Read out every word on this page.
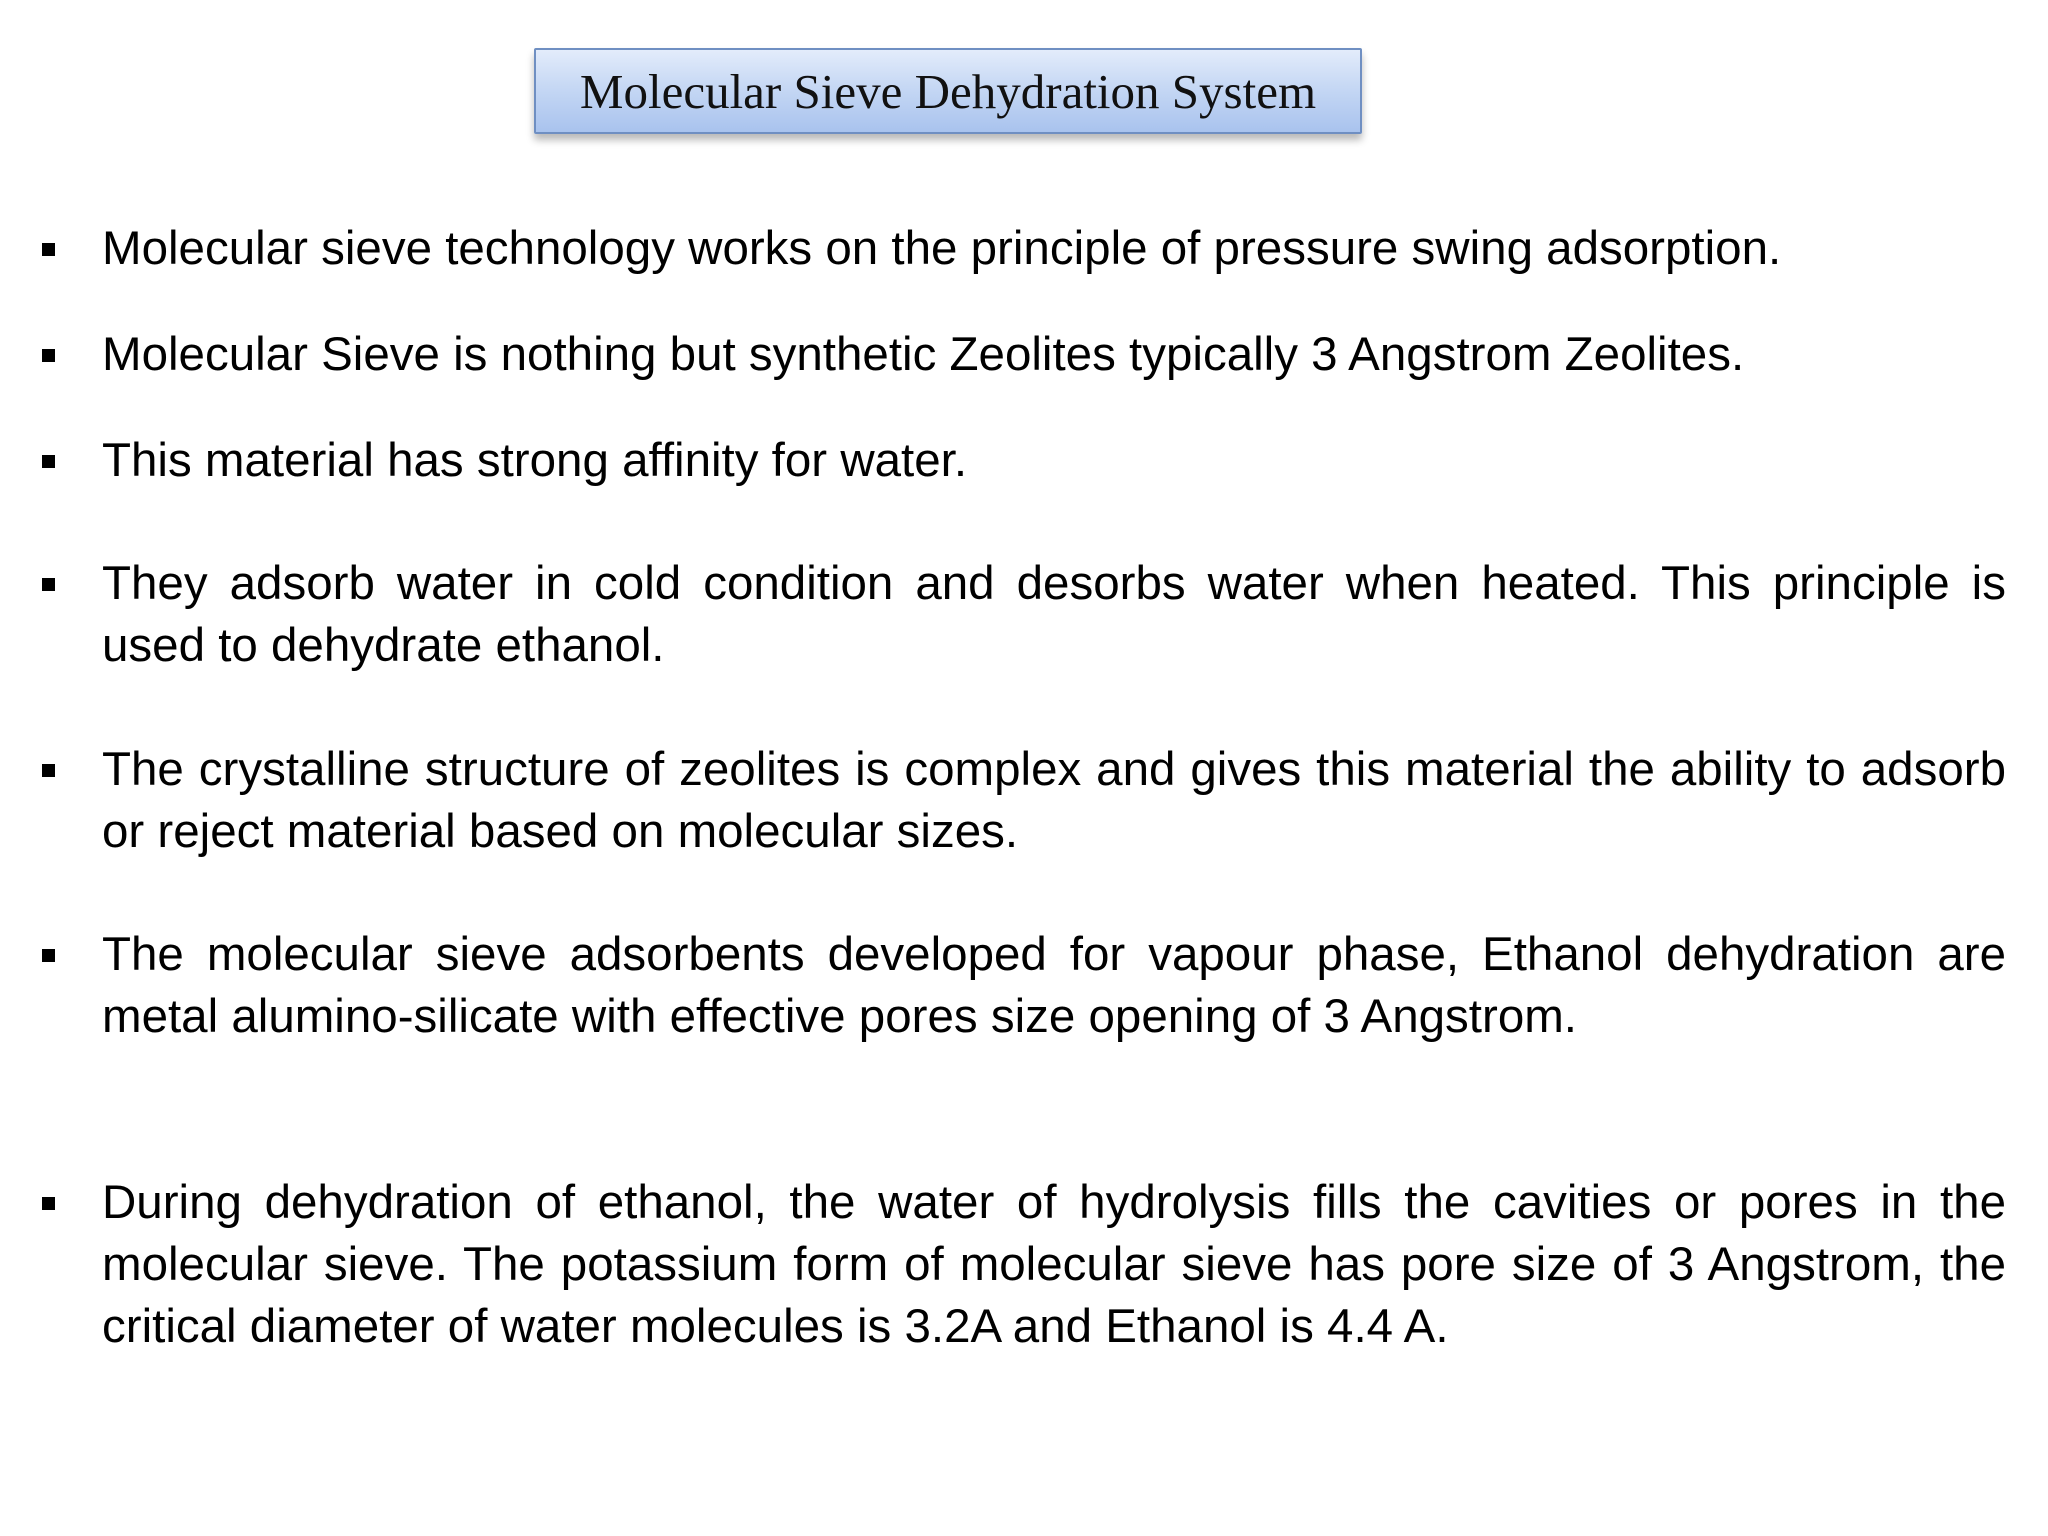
Molecular Sieve Dehydration System

Molecular sieve technology works on the principle of pressure swing adsorption.

Molecular Sieve is nothing but synthetic Zeolites typically 3 Angstrom Zeolites.

This material has strong affinity for water.

They adsorb water in cold condition and desorbs water when heated. This principle is used to dehydrate ethanol.

The crystalline structure of zeolites is complex and gives this material the ability to adsorb or reject material based on molecular sizes.

The molecular sieve adsorbents developed for vapour phase, Ethanol dehydration are metal alumino-silicate with effective pores size opening of 3 Angstrom.

During dehydration of ethanol, the water of hydrolysis fills the cavities or pores in the molecular sieve. The potassium form of molecular sieve has pore size of 3 Angstrom, the critical diameter of water molecules is 3.2A and Ethanol is 4.4 A.
